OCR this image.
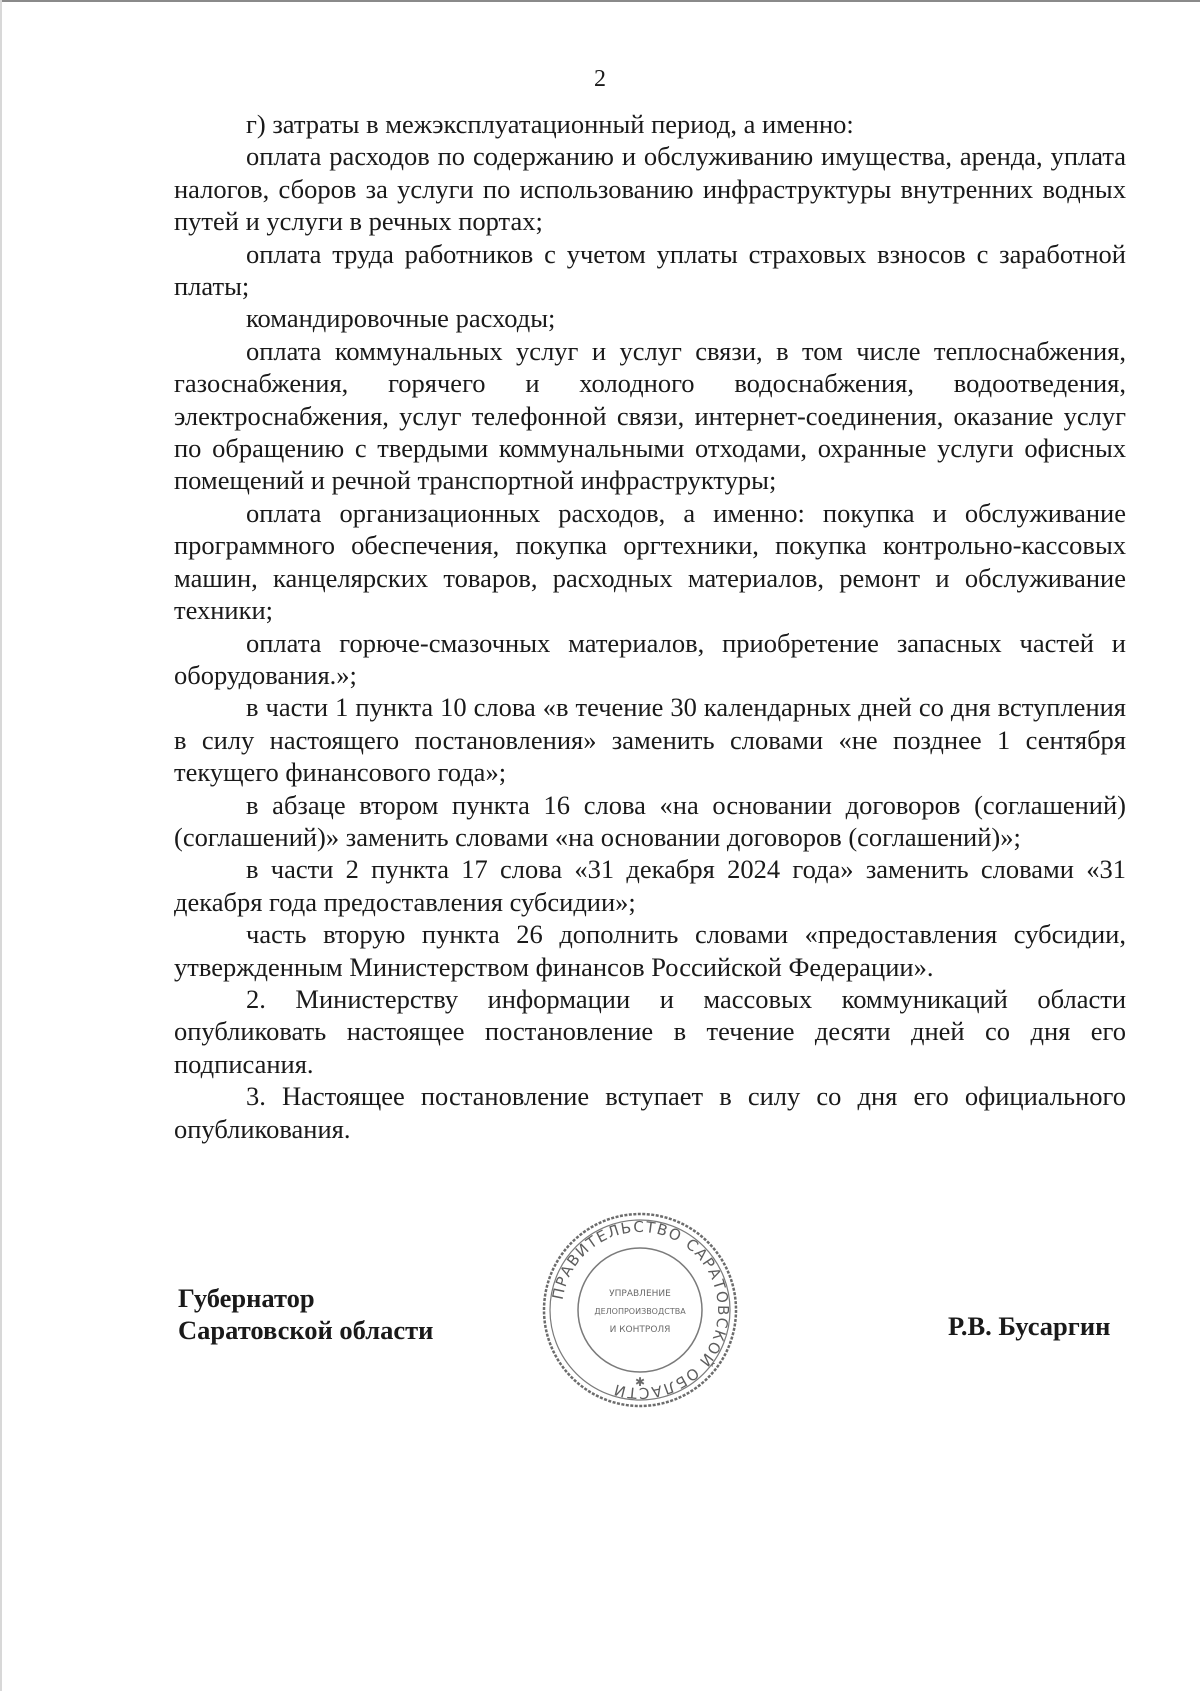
2

г) затраты в межэксплуатационный период, а именно:

оплата расходов по содержанию и обслуживанию имущества, аренда, уплата налогов, сборов за услуги по использованию инфраструктуры внутренних водных путей и услуги в речных портах;

оплата труда работников с учетом уплаты страховых взносов с заработной платы;

командировочные расходы;

оплата коммунальных услуг и услуг связи, в том числе теплоснабжения, газоснабжения, горячего и холодного водоснабжения, водоотведения, электроснабжения, услуг телефонной связи, интернет-соединения, оказание услуг по обращению с твердыми коммунальными отходами, охранные услуги офисных помещений и речной транспортной инфраструктуры;

оплата организационных расходов, а именно: покупка и обслуживание программного обеспечения, покупка оргтехники, покупка контрольно-кассовых машин, канцелярских товаров, расходных материалов, ремонт и обслуживание техники;

оплата горюче-смазочных материалов, приобретение запасных частей и оборудования.»;

в части 1 пункта 10 слова «в течение 30 календарных дней со дня вступления в силу настоящего постановления» заменить словами «не позднее 1 сентября текущего финансового года»;

в абзаце втором пункта 16 слова «на основании договоров (соглашений) (соглашений)» заменить словами «на основании договоров (соглашений)»;

в части 2 пункта 17 слова «31 декабря 2024 года» заменить словами «31 декабря года предоставления субсидии»;

часть вторую пункта 26 дополнить словами «предоставления субсидии, утвержденным Министерством финансов Российской Федерации».

2. Министерству информации и массовых коммуникаций области опубликовать настоящее постановление в течение десяти дней со дня его подписания.

3. Настоящее постановление вступает в силу со дня его официального опубликования.

Губернатор
Саратовской области	Р.В. Бусаргин
ПРАВИТЕЛЬСТВО САРАТОВСКОЙ ОБЛАСТИ ✱
УПРАВЛЕНИЕ
ДЕЛОПРОИЗВОДСТВА
И КОНТРОЛЯ
